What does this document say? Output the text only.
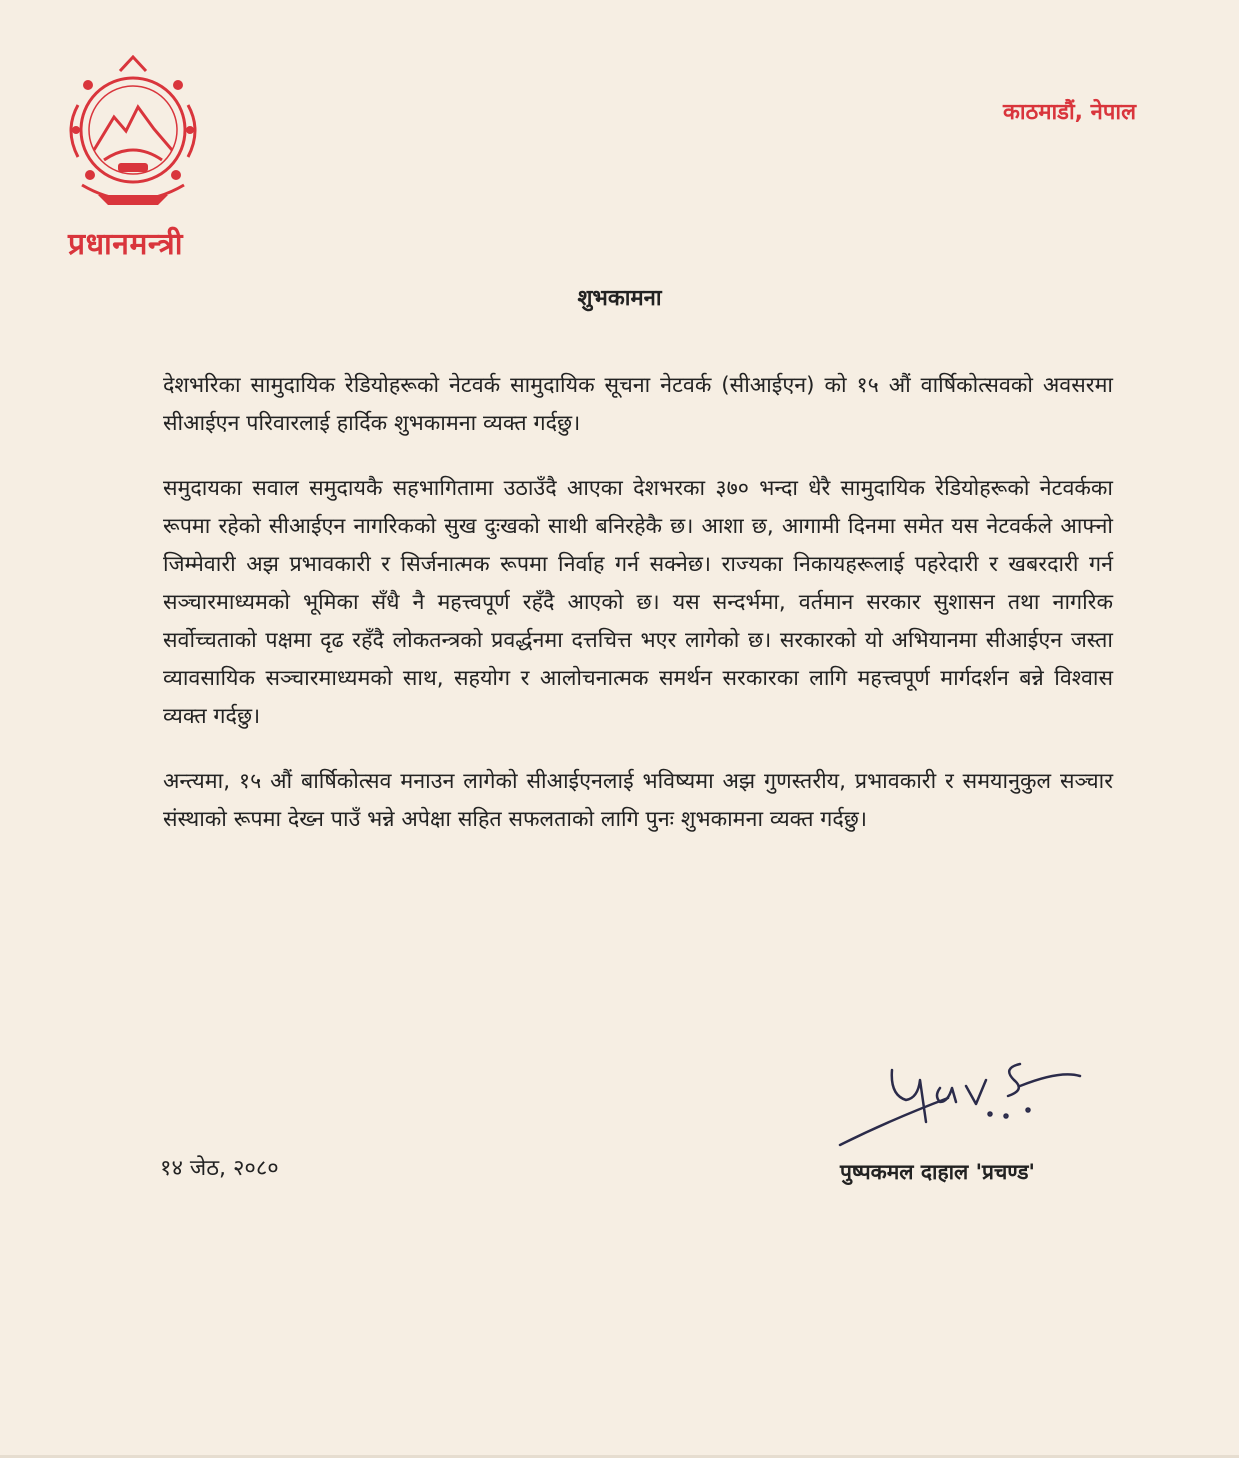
प्रधानमन्त्री
काठमाडौं, नेपाल
शुभकामना

देशभरिका सामुदायिक रेडियोहरूको नेटवर्क सामुदायिक सूचना नेटवर्क (सीआईएन) को १५ औं वार्षिकोत्सवको अवसरमा सीआईएन परिवारलाई हार्दिक शुभकामना व्यक्त गर्दछु।

समुदायका सवाल समुदायकै सहभागितामा उठाउँदै आएका देशभरका ३७० भन्दा धेरै सामुदायिक रेडियोहरूको नेटवर्कका रूपमा रहेको सीआईएन नागरिकको सुख दुःखको साथी बनिरहेकै छ। आशा छ, आगामी दिनमा समेत यस नेटवर्कले आफ्नो जिम्मेवारी अझ प्रभावकारी र सिर्जनात्मक रूपमा निर्वाह गर्न सक्नेछ। राज्यका निकायहरूलाई पहरेदारी र खबरदारी गर्न सञ्चारमाध्यमको भूमिका सँधै नै महत्त्वपूर्ण रहँदै आएको छ। यस सन्दर्भमा, वर्तमान सरकार सुशासन तथा नागरिक सर्वोच्चताको पक्षमा दृढ रहँदै लोकतन्त्रको प्रवर्द्धनमा दत्तचित्त भएर लागेको छ। सरकारको यो अभियानमा सीआईएन जस्ता व्यावसायिक सञ्चारमाध्यमको साथ, सहयोग र आलोचनात्मक समर्थन सरकारका लागि महत्त्वपूर्ण मार्गदर्शन बन्ने विश्वास व्यक्त गर्दछु।

अन्त्यमा, १५ औं बार्षिकोत्सव मनाउन लागेको सीआईएनलाई भविष्यमा अझ गुणस्तरीय, प्रभावकारी र समयानुकुल सञ्चार संस्थाको रूपमा देख्न पाउँ भन्ने अपेक्षा सहित सफलताको लागि पुनः शुभकामना व्यक्त गर्दछु।

१४ जेठ, २०८०	पुष्पकमल दाहाल 'प्रचण्ड'
